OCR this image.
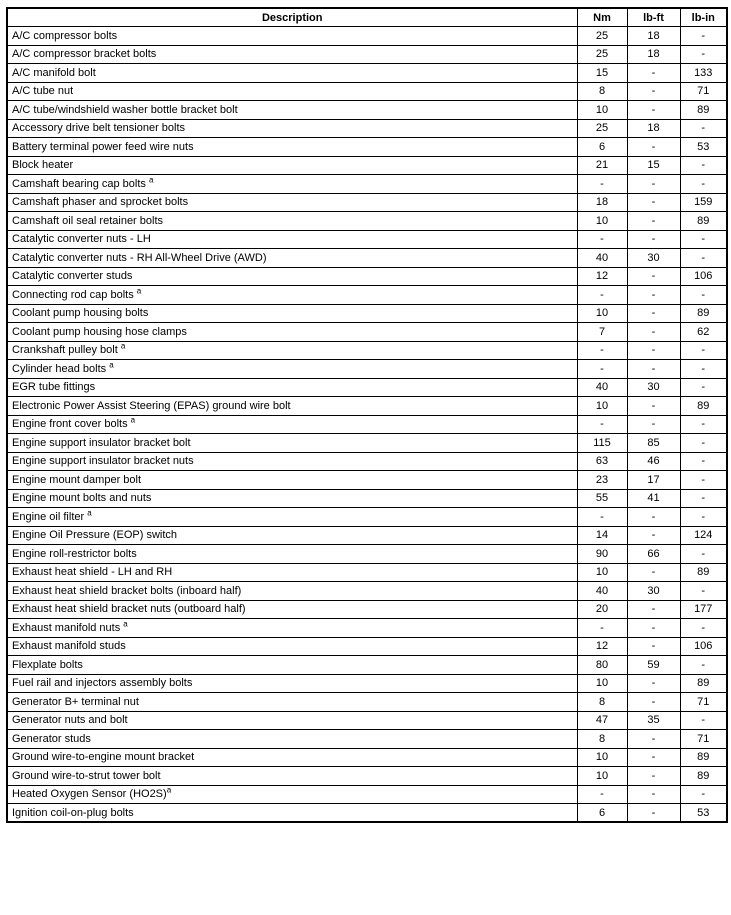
Description	Nm	lb-ft	lb-in
A/C compressor bolts	25	18	-
A/C compressor bracket bolts	25	18	-
A/C manifold bolt	15	-	133
A/C tube nut	8	-	71
A/C tube/windshield washer bottle bracket bolt	10	-	89
Accessory drive belt tensioner bolts	25	18	-
Battery terminal power feed wire nuts	6	-	53
Block heater	21	15	-
Camshaft bearing cap bolts $^a$	-	-	-
Camshaft phaser and sprocket bolts	18	-	159
Camshaft oil seal retainer bolts	10	-	89
Catalytic converter nuts - LH	-	-	-
Catalytic converter nuts - RH All-Wheel Drive (AWD)	40	30	-
Catalytic converter studs	12	-	106
Connecting rod cap bolts $^a$	-	-	-
Coolant pump housing bolts	10	-	89
Coolant pump housing hose clamps	7	-	62
Crankshaft pulley bolt $^a$	-	-	-
Cylinder head bolts $^a$	-	-	-
EGR tube fittings	40	30	-
Electronic Power Assist Steering (EPAS) ground wire bolt	10	-	89
Engine front cover bolts $^a$	-	-	-
Engine support insulator bracket bolt	115	85	-
Engine support insulator bracket nuts	63	46	-
Engine mount damper bolt	23	17	-
Engine mount bolts and nuts	55	41	-
Engine oil filter $^a$	-	-	-
Engine Oil Pressure (EOP) switch	14	-	124
Engine roll-restrictor bolts	90	66	-
Exhaust heat shield - LH and RH	10	-	89
Exhaust heat shield bracket bolts (inboard half)	40	30	-
Exhaust heat shield bracket nuts (outboard half)	20	-	177
Exhaust manifold nuts $^a$	-	-	-
Exhaust manifold studs	12	-	106
Flexplate bolts	80	59	-
Fuel rail and injectors assembly bolts	10	-	89
Generator B+ terminal nut	8	-	71
Generator nuts and bolt	47	35	-
Generator studs	8	-	71
Ground wire-to-engine mount bracket	10	-	89
Ground wire-to-strut tower bolt	10	-	89
Heated Oxygen Sensor $(HO2S)^a$	-	-	-
Ignition coil-on-plug bolts	6	-	53
